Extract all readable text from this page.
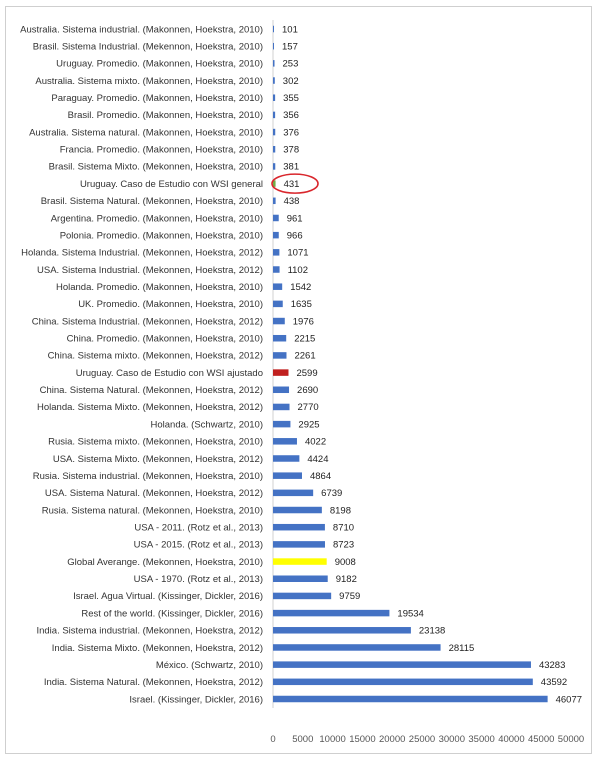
Australia. Sistema industrial. (Makonnen, Hoekstra, 2010) 101
Brasil. Sistema Industrial. (Mekennon, Hoekstra, 2010) 157
Uruguay. Promedio. (Makonnen, Hoekstra, 2010) 253
Australia. Sistema mixto. (Makonnen, Hoekstra, 2010) 302
Paraguay. Promedio. (Makonnen, Hoekstra, 2010) 355
Brasil. Promedio. (Makonnen, Hoekstra, 2010) 356
Australia. Sistema natural. (Makonnen, Hoekstra, 2010) 376
Francia. Promedio. (Makonnen, Hoekstra, 2010) 378
Brasil. Sistema Mixto. (Mekonnen, Hoekstra, 2010) 381
Uruguay. Caso de Estudio con WSI general 431
Brasil. Sistema Natural. (Mekonnen, Hoekstra, 2010) 438
Argentina. Promedio. (Makonnen, Hoekstra, 2010) 961
Polonia. Promedio. (Makonnen, Hoekstra, 2010)	966
Holanda. Sistema Industrial. (Mekonnen, Hoekstra, 2012)	1071
USA. Sistema Industrial. (Mekonnen, Hoekstra, 2012)	1102
Holanda. Promedio. (Makonnen, Hoekstra, 2010)	1542
UK. Promedio. (Makonnen, Hoekstra, 2010)	1635
China. Sistema Industrial. (Mekonnen, Hoekstra, 2012)	1976
China. Promedio. (Makonnen, Hoekstra, 2010)	2215
China. Sistema mixto. (Mekonnen, Hoekstra, 2012)	2261
Uruguay. Caso de Estudio con WSI ajustado	2599
China. Sistema Natural. (Mekonnen, Hoekstra, 2012)	2690
Holanda. Sistema Mixto. (Mekonnen, Hoekstra, 2012)	2770
Holanda. (Schwartz, 2010)	2925
Rusia. Sistema mixto. (Mekonnen, Hoekstra, 2010)	4022
USA. Sistema Mixto. (Mekonnen, Hoekstra, 2012)	4424
Rusia. Sistema industrial. (Mekonnen, Hoekstra, 2010)	4864
USA. Sistema Natural. (Mekonnen, Hoekstra, 2012)	6739
Rusia. Sistema natural. (Mekonnen, Hoekstra, 2010)	8198
USA - 2011. (Rotz et al., 2013)	8710
USA - 2015. (Rotz et al., 2013)	8723
Global Averange. (Mekonnen, Hoekstra, 2010)	9008
USA - 1970. (Rotz et al., 2013)	9182
Israel. Agua Virtual. (Kissinger, Dickler, 2016)	9759
Rest of the world. (Kissinger, Dickler, 2016)	19534
India. Sistema industrial. (Mekonnen, Hoekstra, 2012)	23138
India. Sistema Mixto. (Mekonnen, Hoekstra, 2012)	28115
México. (Schwartz, 2010)	43283
India. Sistema Natural. (Mekonnen, Hoekstra, 2012)	43592
Israel. (Kissinger, Dickler, 2016)	46077
0 5000 10000 15000 20000 25000 30000 35000 40000 45000 50000
